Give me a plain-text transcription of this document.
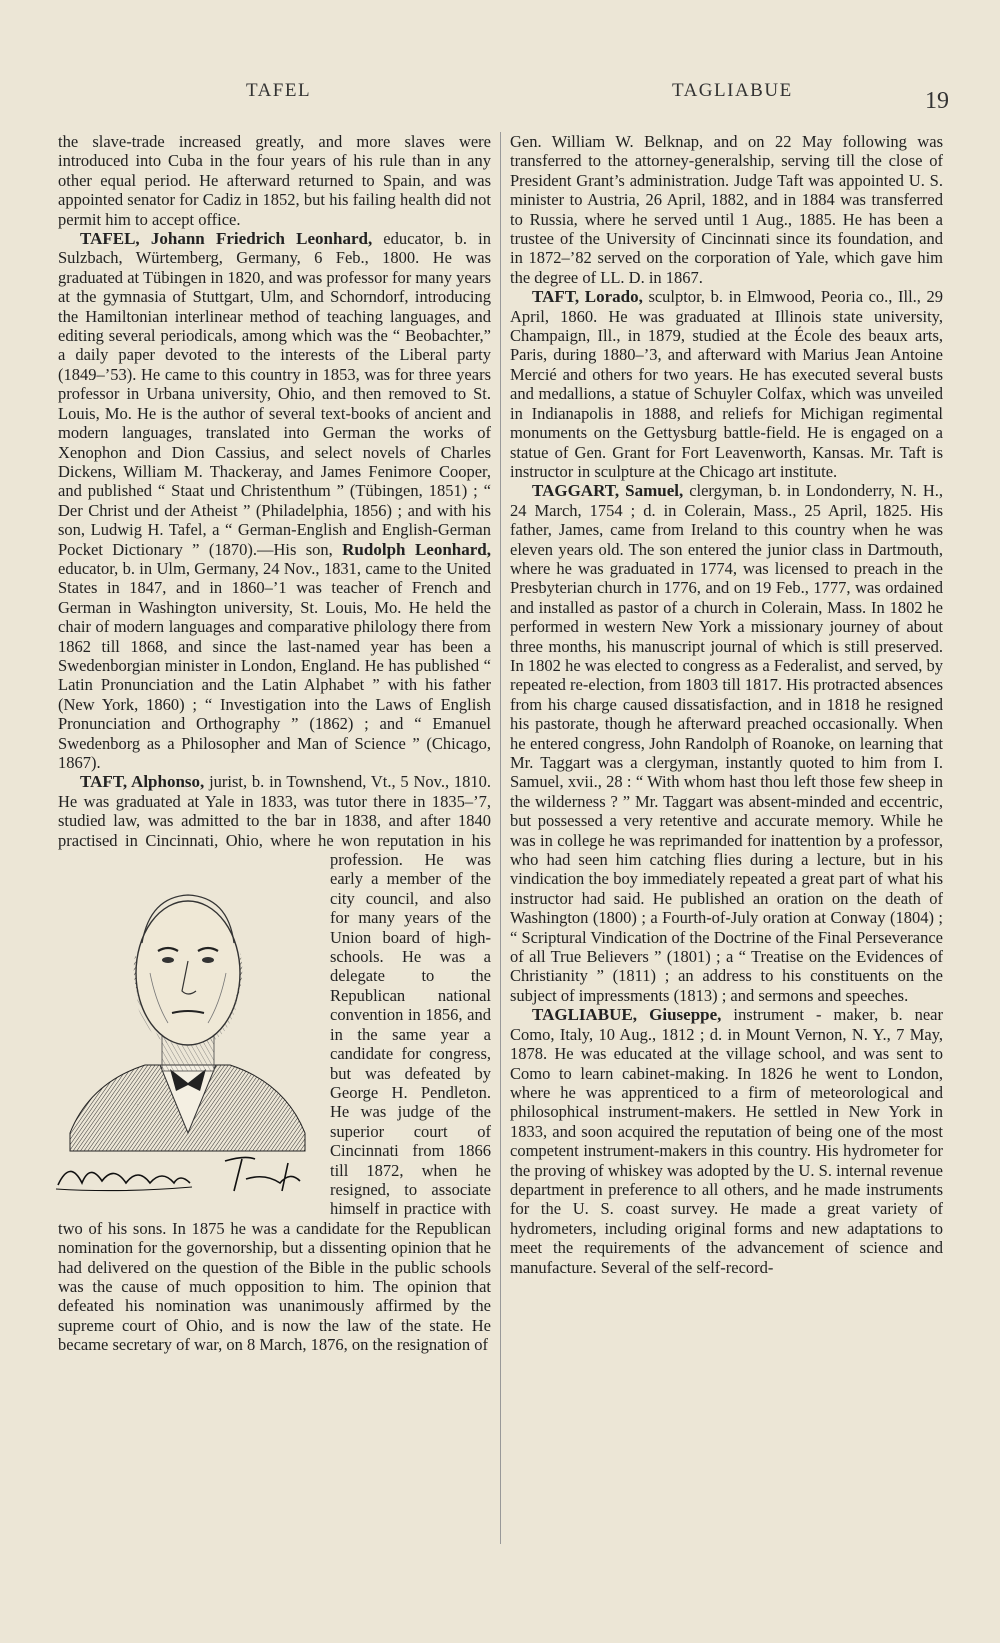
TAFEL	TAGLIABUE	19

the slave-trade increased greatly, and more slaves were introduced into Cuba in the four years of his rule than in any other equal period. He afterward returned to Spain, and was appointed senator for Cadiz in 1852, but his failing health did not permit him to accept office.

TAFEL, Johann Friedrich Leonhard, educator, b. in Sulzbach, Würtemberg, Germany, 6 Feb., 1800. He was graduated at Tübingen in 1820, and was professor for many years at the gymnasia of Stuttgart, Ulm, and Schorndorf, introducing the Hamiltonian interlinear method of teaching languages, and editing several periodicals, among which was the “ Beobachter,” a daily paper devoted to the interests of the Liberal party (1849–’53). He came to this country in 1853, was for three years professor in Urbana university, Ohio, and then removed to St. Louis, Mo. He is the author of several text-books of ancient and modern languages, translated into German the works of Xenophon and Dion Cassius, and select novels of Charles Dickens, William M. Thackeray, and James Fenimore Cooper, and published “ Staat und Christenthum ” (Tübingen, 1851) ; “ Der Christ und der Atheist ” (Philadelphia, 1856) ; and with his son, Ludwig H. Tafel, a “ German-English and English-German Pocket Dictionary ” (1870).—His son, Rudolph Leonhard, educator, b. in Ulm, Germany, 24 Nov., 1831, came to the United States in 1847, and in 1860–’1 was teacher of French and German in Washington university, St. Louis, Mo. He held the chair of modern languages and comparative philology there from 1862 till 1868, and since the last-named year has been a Swedenborgian minister in London, England. He has published “ Latin Pronunciation and the Latin Alphabet ” with his father (New York, 1860) ; “ Investigation into the Laws of English Pronunciation and Orthography ” (1862) ; and “ Emanuel Swedenborg as a Philosopher and Man of Science ” (Chicago, 1867).

TAFT, Alphonso, jurist, b. in Townshend, Vt., 5 Nov., 1810. He was graduated at Yale in 1833, was tutor there in 1835–’7, studied law, was admitted to the bar in 1838, and after 1840 practised in
Cincinnati, Ohio, where he won reputation in his profession. He was early a member of the city council, and also for many years of the Union board of high-schools. He was a delegate to the Republican national convention in 1856, and in the same year a candidate for congress, but was defeated by George H. Pendleton. He was judge of the superior court of Cincinnati from 1866 till 1872, when he resigned, to associate himself in practice with two of his sons. In 1875 he was a candidate for the Republican nomination for the governorship, but a dissenting opinion that he had delivered on the question of the Bible in the public schools was the cause of much opposition to him. The opinion that defeated his nomination was unanimously affirmed by the supreme court of Ohio, and is now the law of the state. He became secretary of war, on 8 March, 1876, on the resignation of

Gen. William W. Belknap, and on 22 May following was transferred to the attorney-generalship, serving till the close of President Grant’s administration. Judge Taft was appointed U. S. minister to Austria, 26 April, 1882, and in 1884 was transferred to Russia, where he served until 1 Aug., 1885. He has been a trustee of the University of Cincinnati since its foundation, and in 1872–’82 served on the corporation of Yale, which gave him the degree of LL. D. in 1867.

TAFT, Lorado, sculptor, b. in Elmwood, Peoria co., Ill., 29 April, 1860. He was graduated at Illinois state university, Champaign, Ill., in 1879, studied at the École des beaux arts, Paris, during 1880–’3, and afterward with Marius Jean Antoine Mercié and others for two years. He has executed several busts and medallions, a statue of Schuyler Colfax, which was unveiled in Indianapolis in 1888, and reliefs for Michigan regimental monuments on the Gettysburg battle-field. He is engaged on a statue of Gen. Grant for Fort Leavenworth, Kansas. Mr. Taft is instructor in sculpture at the Chicago art institute.

TAGGART, Samuel, clergyman, b. in Londonderry, N. H., 24 March, 1754 ; d. in Colerain, Mass., 25 April, 1825. His father, James, came from Ireland to this country when he was eleven years old. The son entered the junior class in Dartmouth, where he was graduated in 1774, was licensed to preach in the Presbyterian church in 1776, and on 19 Feb., 1777, was ordained and installed as pastor of a church in Colerain, Mass. In 1802 he performed in western New York a missionary journey of about three months, his manuscript journal of which is still preserved. In 1802 he was elected to congress as a Federalist, and served, by repeated re-election, from 1803 till 1817. His protracted absences from his charge caused dissatisfaction, and in 1818 he resigned his pastorate, though he afterward preached occasionally. When he entered congress, John Randolph of Roanoke, on learning that Mr. Taggart was a clergyman, instantly quoted to him from I. Samuel, xvii., 28 : “ With whom hast thou left those few sheep in the wilderness ? ” Mr. Taggart was absent-minded and eccentric, but possessed a very retentive and accurate memory. While he was in college he was reprimanded for inattention by a professor, who had seen him catching flies during a lecture, but in his vindication the boy immediately repeated a great part of what his instructor had said. He published an oration on the death of Washington (1800) ; a Fourth-of-July oration at Conway (1804) ; “ Scriptural Vindication of the Doctrine of the Final Perseverance of all True Believers ” (1801) ; a “ Treatise on the Evidences of Christianity ” (1811) ; an address to his constituents on the subject of impressments (1813) ; and sermons and speeches.

TAGLIABUE, Giuseppe, instrument - maker, b. near Como, Italy, 10 Aug., 1812 ; d. in Mount Vernon, N. Y., 7 May, 1878. He was educated at the village school, and was sent to Como to learn cabinet-making. In 1826 he went to London, where he was apprenticed to a firm of meteorological and philosophical instrument-makers. He settled in New York in 1833, and soon acquired the reputation of being one of the most competent instrument-makers in this country. His hydrometer for the proving of whiskey was adopted by the U. S. internal revenue department in preference to all others, and he made instruments for the U. S. coast survey. He made a great variety of hydrometers, including original forms and new adaptations to meet the requirements of the advancement of science and manufacture. Several of the self-record-
